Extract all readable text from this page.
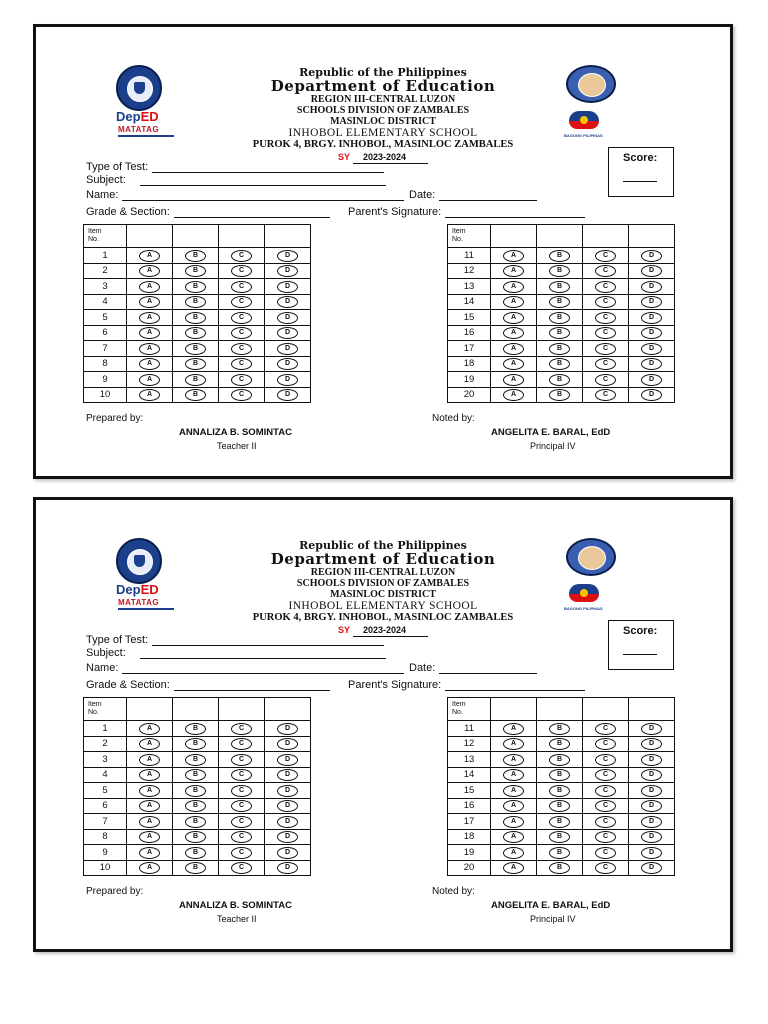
DepED
MATATAG
BAGONG PILIPINAS
Republic of the Philippines
Department of Education
REGION III-CENTRAL LUZON
SCHOOLS DIVISION OF ZAMBALES
MASINLOC DISTRICT
INHOBOL ELEMENTARY SCHOOL
PUROK 4, BRGY. INHOBOL, MASINLOC ZAMBALES
SY 2023-2024	Score:
Type of Test:
Subject:
Name:	Date:
Grade & Section:	Parent's Signature:
Item
No.				
1	A	B	C	D
2	A	B	C	D
3	A	B	C	D
4	A	B	C	D
5	A	B	C	D
6	A	B	C	D
7	A	B	C	D
8	A	B	C	D
9	A	B	C	D
10	A	B	C	D
Item
No.				
11	A	B	C	D
12	A	B	C	D
13	A	B	C	D
14	A	B	C	D
15	A	B	C	D
16	A	B	C	D
17	A	B	C	D
18	A	B	C	D
19	A	B	C	D
20	A	B	C	D
Prepared by:
ANNALIZA B. SOMINTAC
Teacher II
Noted by:
ANGELITA E. BARAL, EdD
Principal IV
DepED
MATATAG
BAGONG PILIPINAS
Republic of the Philippines
Department of Education
REGION III-CENTRAL LUZON
SCHOOLS DIVISION OF ZAMBALES
MASINLOC DISTRICT
INHOBOL ELEMENTARY SCHOOL
PUROK 4, BRGY. INHOBOL, MASINLOC ZAMBALES
SY 2023-2024	Score:
Type of Test:
Subject:
Name:	Date:
Grade & Section:	Parent's Signature:
Item
No.				
1	A	B	C	D
2	A	B	C	D
3	A	B	C	D
4	A	B	C	D
5	A	B	C	D
6	A	B	C	D
7	A	B	C	D
8	A	B	C	D
9	A	B	C	D
10	A	B	C	D
Item
No.				
11	A	B	C	D
12	A	B	C	D
13	A	B	C	D
14	A	B	C	D
15	A	B	C	D
16	A	B	C	D
17	A	B	C	D
18	A	B	C	D
19	A	B	C	D
20	A	B	C	D
Prepared by:
ANNALIZA B. SOMINTAC
Teacher II
Noted by:
ANGELITA E. BARAL, EdD
Principal IV
